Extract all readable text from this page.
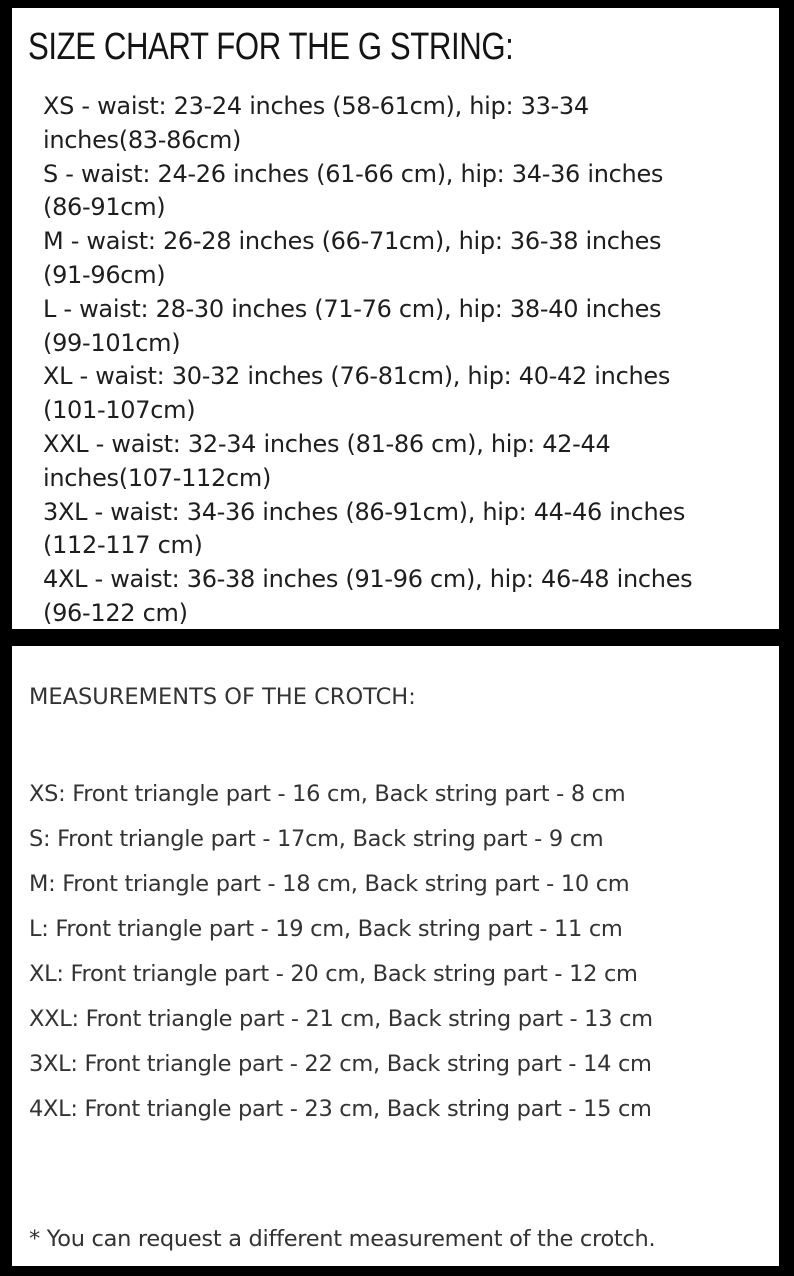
SIZE CHART FOR THE G STRING:
XS - waist: 23-24 inches (58-61cm), hip: 33-34
inches(83-86cm)
S - waist: 24-26 inches (61-66 cm), hip: 34-36 inches
(86-91cm)
M - waist: 26-28 inches (66-71cm), hip: 36-38 inches
(91-96cm)
L - waist: 28-30 inches (71-76 cm), hip: 38-40 inches
(99-101cm)
XL - waist: 30-32 inches (76-81cm), hip: 40-42 inches
(101-107cm)
XXL - waist: 32-34 inches (81-86 cm), hip: 42-44
inches(107-112cm)
3XL - waist: 34-36 inches (86-91cm), hip: 44-46 inches
(112-117 cm)
4XL - waist: 36-38 inches (91-96 cm), hip: 46-48 inches
(96-122 cm)
MEASUREMENTS OF THE CROTCH:
XS: Front triangle part - 16 cm, Back string part - 8 cm
S: Front triangle part - 17cm, Back string part - 9 cm
M: Front triangle part - 18 cm, Back string part - 10 cm
L: Front triangle part - 19 cm, Back string part - 11 cm
XL: Front triangle part - 20 cm, Back string part - 12 cm
XXL: Front triangle part - 21 cm, Back string part - 13 cm
3XL: Front triangle part - 22 cm, Back string part - 14 cm
4XL: Front triangle part - 23 cm, Back string part - 15 cm

* You can request a different measurement of the crotch.
